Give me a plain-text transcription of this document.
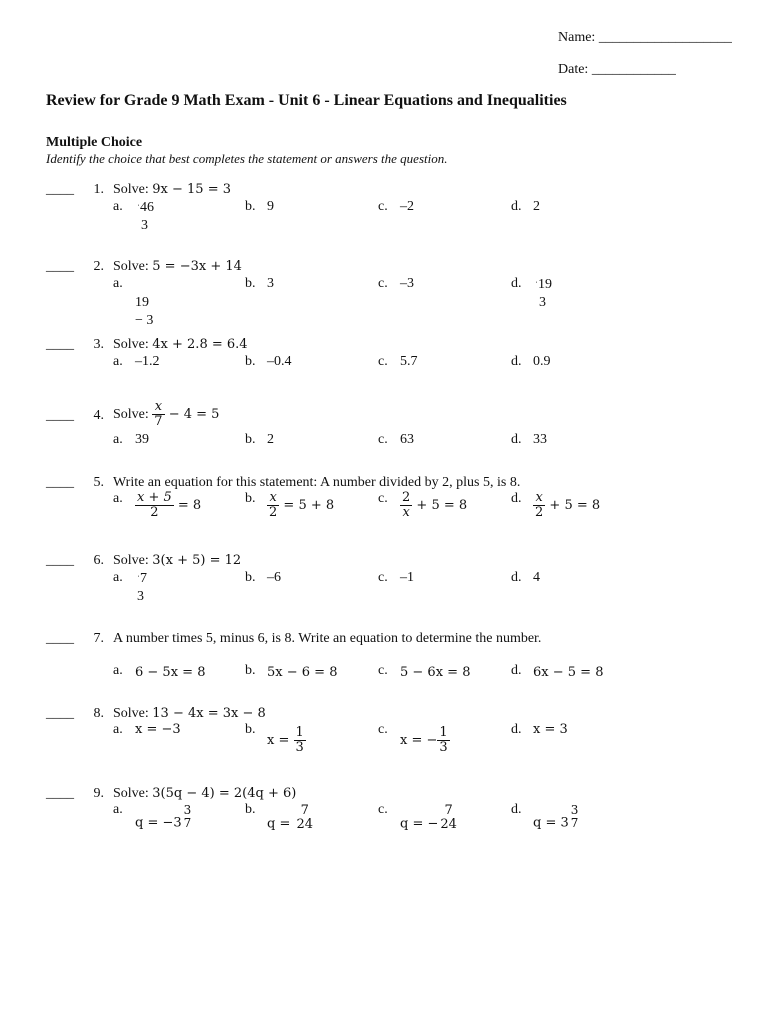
Name: ___________________
Date: ____________
Review for Grade 9 Math Exam - Unit 6 - Linear Equations and Inequalities
Multiple Choice
Identify the choice that best completes the statement or answers the question.
____ 1. Solve: 9x − 15 = 3
a. $^ˈ$46
3
b. 9	c. –2	d. 2
____ 2. Solve: 5 = −3x + 14
a.
19
− 3
b. 3	c. –3	d. $^ˈ$19
3
____ 3. Solve: 4x + 2.8 = 6.4
a. –1.2	b. –0.4	c. 5.7	d. 0.9
____ 4. Solve: $\frac{x}{7} - 4 = 5$
a. 39	b. 2	c. 63	d. 33
____ 5. Write an equation for this statement: A number divided by 2, plus 5, is 8.
a. $\frac{x + 5}{2} = 8$	b. $\frac{x}{2} = 5 + 8$	c. $\frac{2}{x} + 5 = 8$	d. $\frac{x}{2} + 5 = 8$
____ 6. Solve: 3(x + 5) = 12
a. $^ˈ$7
3
b. –6	c. –1	d. 4
____ 7. A number times 5, minus 6, is 8. Write an equation to determine the number.
a. 6 − 5x = 8	b. 5x − 6 = 8	c. 5 − 6x = 8	d. 6x − 5 = 8
____ 8. Solve: 13 − 4x = 3x − 8
a. x = −3	b.
$x = \frac{1}{3}$	c.
x = − $\frac{1}{3}$	d. x = 3
____ 9. Solve: 3(5q − 4) = 2(4q + 6)
a.
q = −3
3
7
b.
q =
7
24
c.
q = −
7
24
d.
q = 3
3
7
